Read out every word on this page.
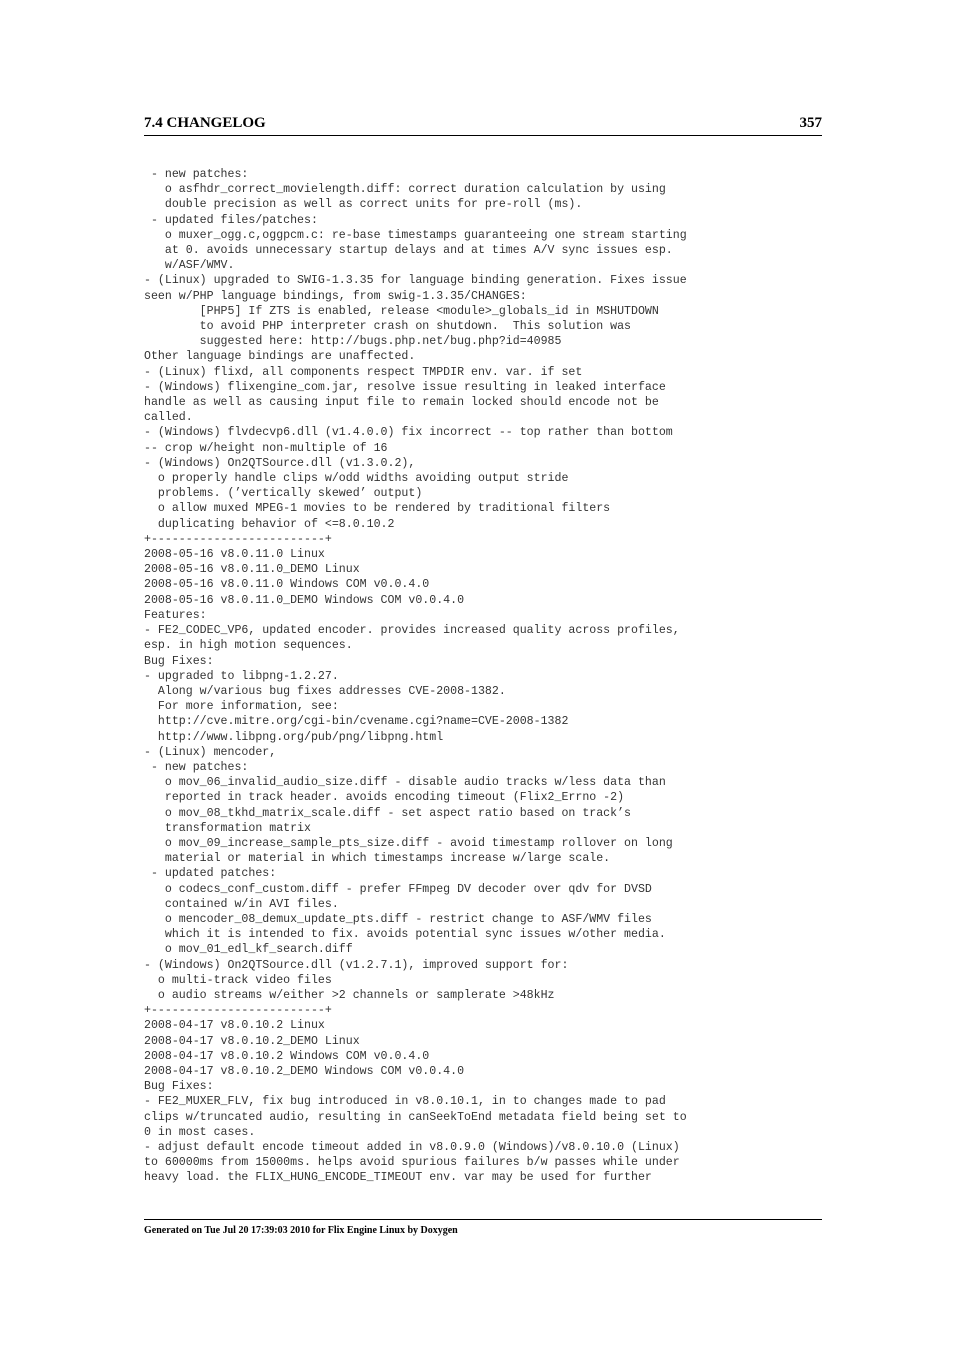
7.4 CHANGELOG	357
- new patches:
o asfhdr_correct_movielength.diff: correct duration calculation by using
double precision as well as correct units for pre-roll (ms).
- updated files/patches:
o muxer_ogg.c,oggpcm.c: re-base timestamps guaranteeing one stream starting
at 0. avoids unnecessary startup delays and at times A/V sync issues esp.
w/ASF/WMV.
- (Linux) upgraded to SWIG-1.3.35 for language binding generation. Fixes issue
seen w/PHP language bindings, from swig-1.3.35/CHANGES:
[PHP5] If ZTS is enabled, release <module>_globals_id in MSHUTDOWN
to avoid PHP interpreter crash on shutdown.  This solution was
suggested here: http://bugs.php.net/bug.php?id=40985
Other language bindings are unaffected.
- (Linux) flixd, all components respect TMPDIR env. var. if set
- (Windows) flixengine_com.jar, resolve issue resulting in leaked interface
handle as well as causing input file to remain locked should encode not be
called.
- (Windows) flvdecvp6.dll (v1.4.0.0) fix incorrect -- top rather than bottom
-- crop w/height non-multiple of 16
- (Windows) On2QTSource.dll (v1.3.0.2),
o properly handle clips w/odd widths avoiding output stride
problems. (’vertically skewed’ output)
o allow muxed MPEG-1 movies to be rendered by traditional filters
duplicating behavior of <=8.0.10.2
+-------------------------+
2008-05-16 v8.0.11.0 Linux
2008-05-16 v8.0.11.0_DEMO Linux
2008-05-16 v8.0.11.0 Windows COM v0.0.4.0
2008-05-16 v8.0.11.0_DEMO Windows COM v0.0.4.0
Features:
- FE2_CODEC_VP6, updated encoder. provides increased quality across profiles,
esp. in high motion sequences.
Bug Fixes:
- upgraded to libpng-1.2.27.
Along w/various bug fixes addresses CVE-2008-1382.
For more information, see:
http://cve.mitre.org/cgi-bin/cvename.cgi?name=CVE-2008-1382
http://www.libpng.org/pub/png/libpng.html
- (Linux) mencoder,
- new patches:
o mov_06_invalid_audio_size.diff - disable audio tracks w/less data than
reported in track header. avoids encoding timeout (Flix2_Errno -2)
o mov_08_tkhd_matrix_scale.diff - set aspect ratio based on track’s
transformation matrix
o mov_09_increase_sample_pts_size.diff - avoid timestamp rollover on long
material or material in which timestamps increase w/large scale.
- updated patches:
o codecs_conf_custom.diff - prefer FFmpeg DV decoder over qdv for DVSD
contained w/in AVI files.
o mencoder_08_demux_update_pts.diff - restrict change to ASF/WMV files
which it is intended to fix. avoids potential sync issues w/other media.
o mov_01_edl_kf_search.diff
- (Windows) On2QTSource.dll (v1.2.7.1), improved support for:
o multi-track video files
o audio streams w/either >2 channels or samplerate >48kHz
+-------------------------+
2008-04-17 v8.0.10.2 Linux
2008-04-17 v8.0.10.2_DEMO Linux
2008-04-17 v8.0.10.2 Windows COM v0.0.4.0
2008-04-17 v8.0.10.2_DEMO Windows COM v0.0.4.0
Bug Fixes:
- FE2_MUXER_FLV, fix bug introduced in v8.0.10.1, in to changes made to pad
clips w/truncated audio, resulting in canSeekToEnd metadata field being set to
0 in most cases.
- adjust default encode timeout added in v8.0.9.0 (Windows)/v8.0.10.0 (Linux)
to 60000ms from 15000ms. helps avoid spurious failures b/w passes while under
heavy load. the FLIX_HUNG_ENCODE_TIMEOUT env. var may be used for further
Generated on Tue Jul 20 17:39:03 2010 for Flix Engine Linux by Doxygen
